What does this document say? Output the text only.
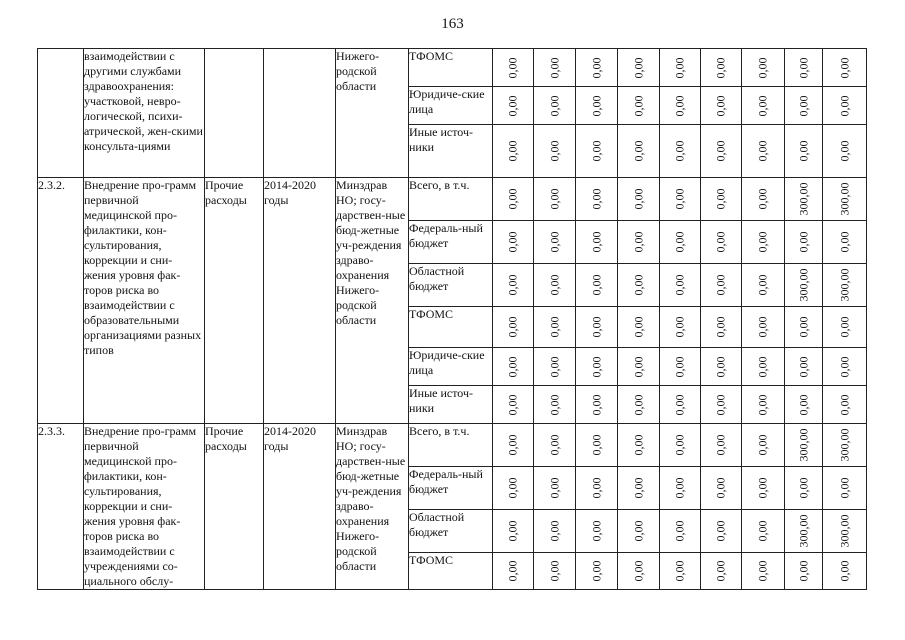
163
	взаимодействии с другими службами здравоохранения: участковой, невро-логической, психи-атрической, жен-скими консульта-циями			Нижего-родской области	ТФОМС	0,00	0,00	0,00	0,00	0,00	0,00	0,00	0,00	0,00

					Юридиче-ские лица	0,00	0,00	0,00	0,00	0,00	0,00	0,00	0,00	0,00

					Иные источ-ники	0,00	0,00	0,00	0,00	0,00	0,00	0,00	0,00	0,00

2.3.2.	Внедрение про-грамм первичной медицинской про-филактики, кон-сультирования, коррекции и сни-жения уровня фак-торов риска во взаимодействии с образовательными организациями разных типов	Прочие расходы	2014-2020 годы	Минздрав НО; госу-дарствен-ные бюд-жетные уч-реждения здраво-охранения Нижего-родской области	Всего, в т.ч.	0,00	0,00	0,00	0,00	0,00	0,00	0,00	300,00	300,00

					Федераль-ный бюджет	0,00	0,00	0,00	0,00	0,00	0,00	0,00	0,00	0,00

					Областной бюджет	0,00	0,00	0,00	0,00	0,00	0,00	0,00	300,00	300,00

					ТФОМС	0,00	0,00	0,00	0,00	0,00	0,00	0,00	0,00	0,00

					Юридиче-ские лица	0,00	0,00	0,00	0,00	0,00	0,00	0,00	0,00	0,00

					Иные источ-ники	0,00	0,00	0,00	0,00	0,00	0,00	0,00	0,00	0,00

2.3.3.	Внедрение про-грамм первичной медицинской про-филактики, кон-сультирования, коррекции и сни-жения уровня фак-торов риска во взаимодействии с учреждениями со-циального обслу-	Прочие расходы	2014-2020 годы	Минздрав НО; госу-дарствен-ные бюд-жетные уч-реждения здраво-охранения Нижего-родской области	Всего, в т.ч.	0,00	0,00	0,00	0,00	0,00	0,00	0,00	300,00	300,00

					Федераль-ный бюджет	0,00	0,00	0,00	0,00	0,00	0,00	0,00	0,00	0,00

					Областной бюджет	0,00	0,00	0,00	0,00	0,00	0,00	0,00	300,00	300,00

					ТФОМС	0,00	0,00	0,00	0,00	0,00	0,00	0,00	0,00	0,00
